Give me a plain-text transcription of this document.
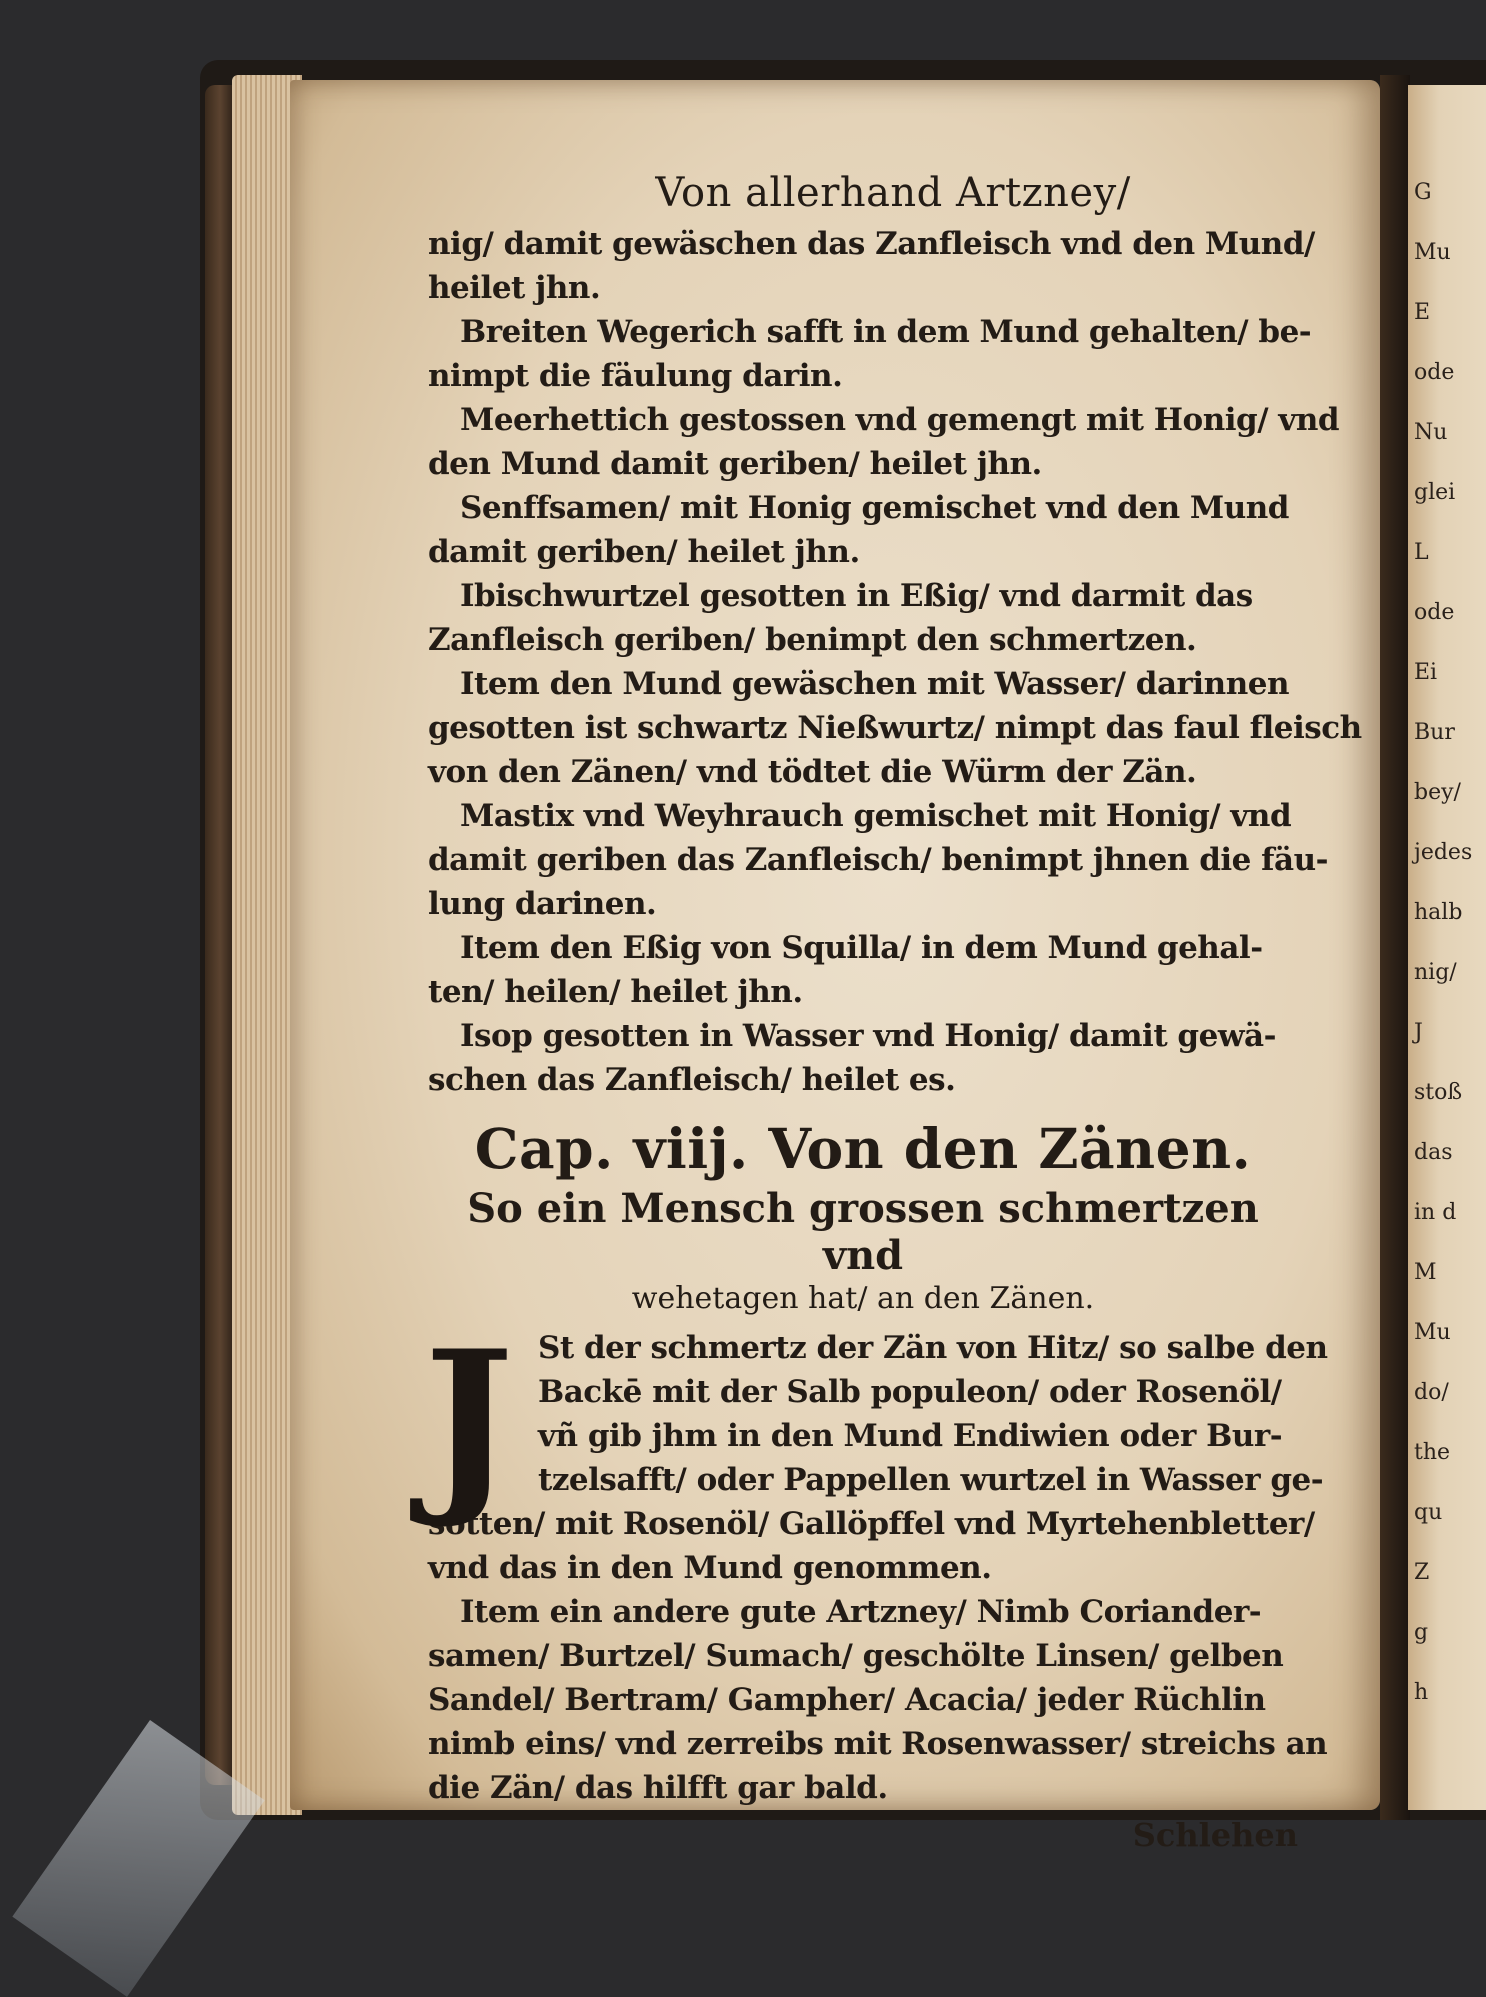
G
Mu
E
ode
Nu
glei
L
ode
Ei
Bur
bey/
jedes
halb
nig/
J
stoß
das
in d
M
Mu
do/
the
qu
Z
g
h
Von allerhand Artzney/
nig/ damit gewäschen das Zanfleisch vnd den Mund/
heilet jhn.
Breiten Wegerich safft in dem Mund gehalten/ be-
nimpt die fäulung darin.
Meerhettich gestossen vnd gemengt mit Honig/ vnd
den Mund damit geriben/ heilet jhn.
Senffsamen/ mit Honig gemischet vnd den Mund
damit geriben/ heilet jhn.
Ibischwurtzel gesotten in Eßig/ vnd darmit das
Zanfleisch geriben/ benimpt den schmertzen.
Item den Mund gewäschen mit Wasser/ darinnen
gesotten ist schwartz Nießwurtz/ nimpt das faul fleisch
von den Zänen/ vnd tödtet die Würm der Zän.
Mastix vnd Weyhrauch gemischet mit Honig/ vnd
damit geriben das Zanfleisch/ benimpt jhnen die fäu-
lung darinen.
Item den Eßig von Squilla/ in dem Mund gehal-
ten/ heilen/ heilet jhn.
Isop gesotten in Wasser vnd Honig/ damit gewä-
schen das Zanfleisch/ heilet es.
Cap. viij. Von den Zänen.
So ein Mensch grossen schmertzen vnd
wehetagen hat/ an den Zänen.
J St der schmertz der Zän von Hitz/ so salbe den
Backē mit der Salb populeon/ oder Rosenöl/
vñ gib jhm in den Mund Endiwien oder Bur-
tzelsafft/ oder Pappellen wurtzel in Wasser ge-
sotten/ mit Rosenöl/ Gallöpffel vnd Myrtehenbletter/
vnd das in den Mund genommen.
Item ein andere gute Artzney/ Nimb Coriander-
samen/ Burtzel/ Sumach/ geschölte Linsen/ gelben
Sandel/ Bertram/ Gampher/ Acacia/ jeder Rüchlin
nimb eins/ vnd zerreibs mit Rosenwasser/ streichs an
die Zän/ das hilfft gar bald.
Schlehen
